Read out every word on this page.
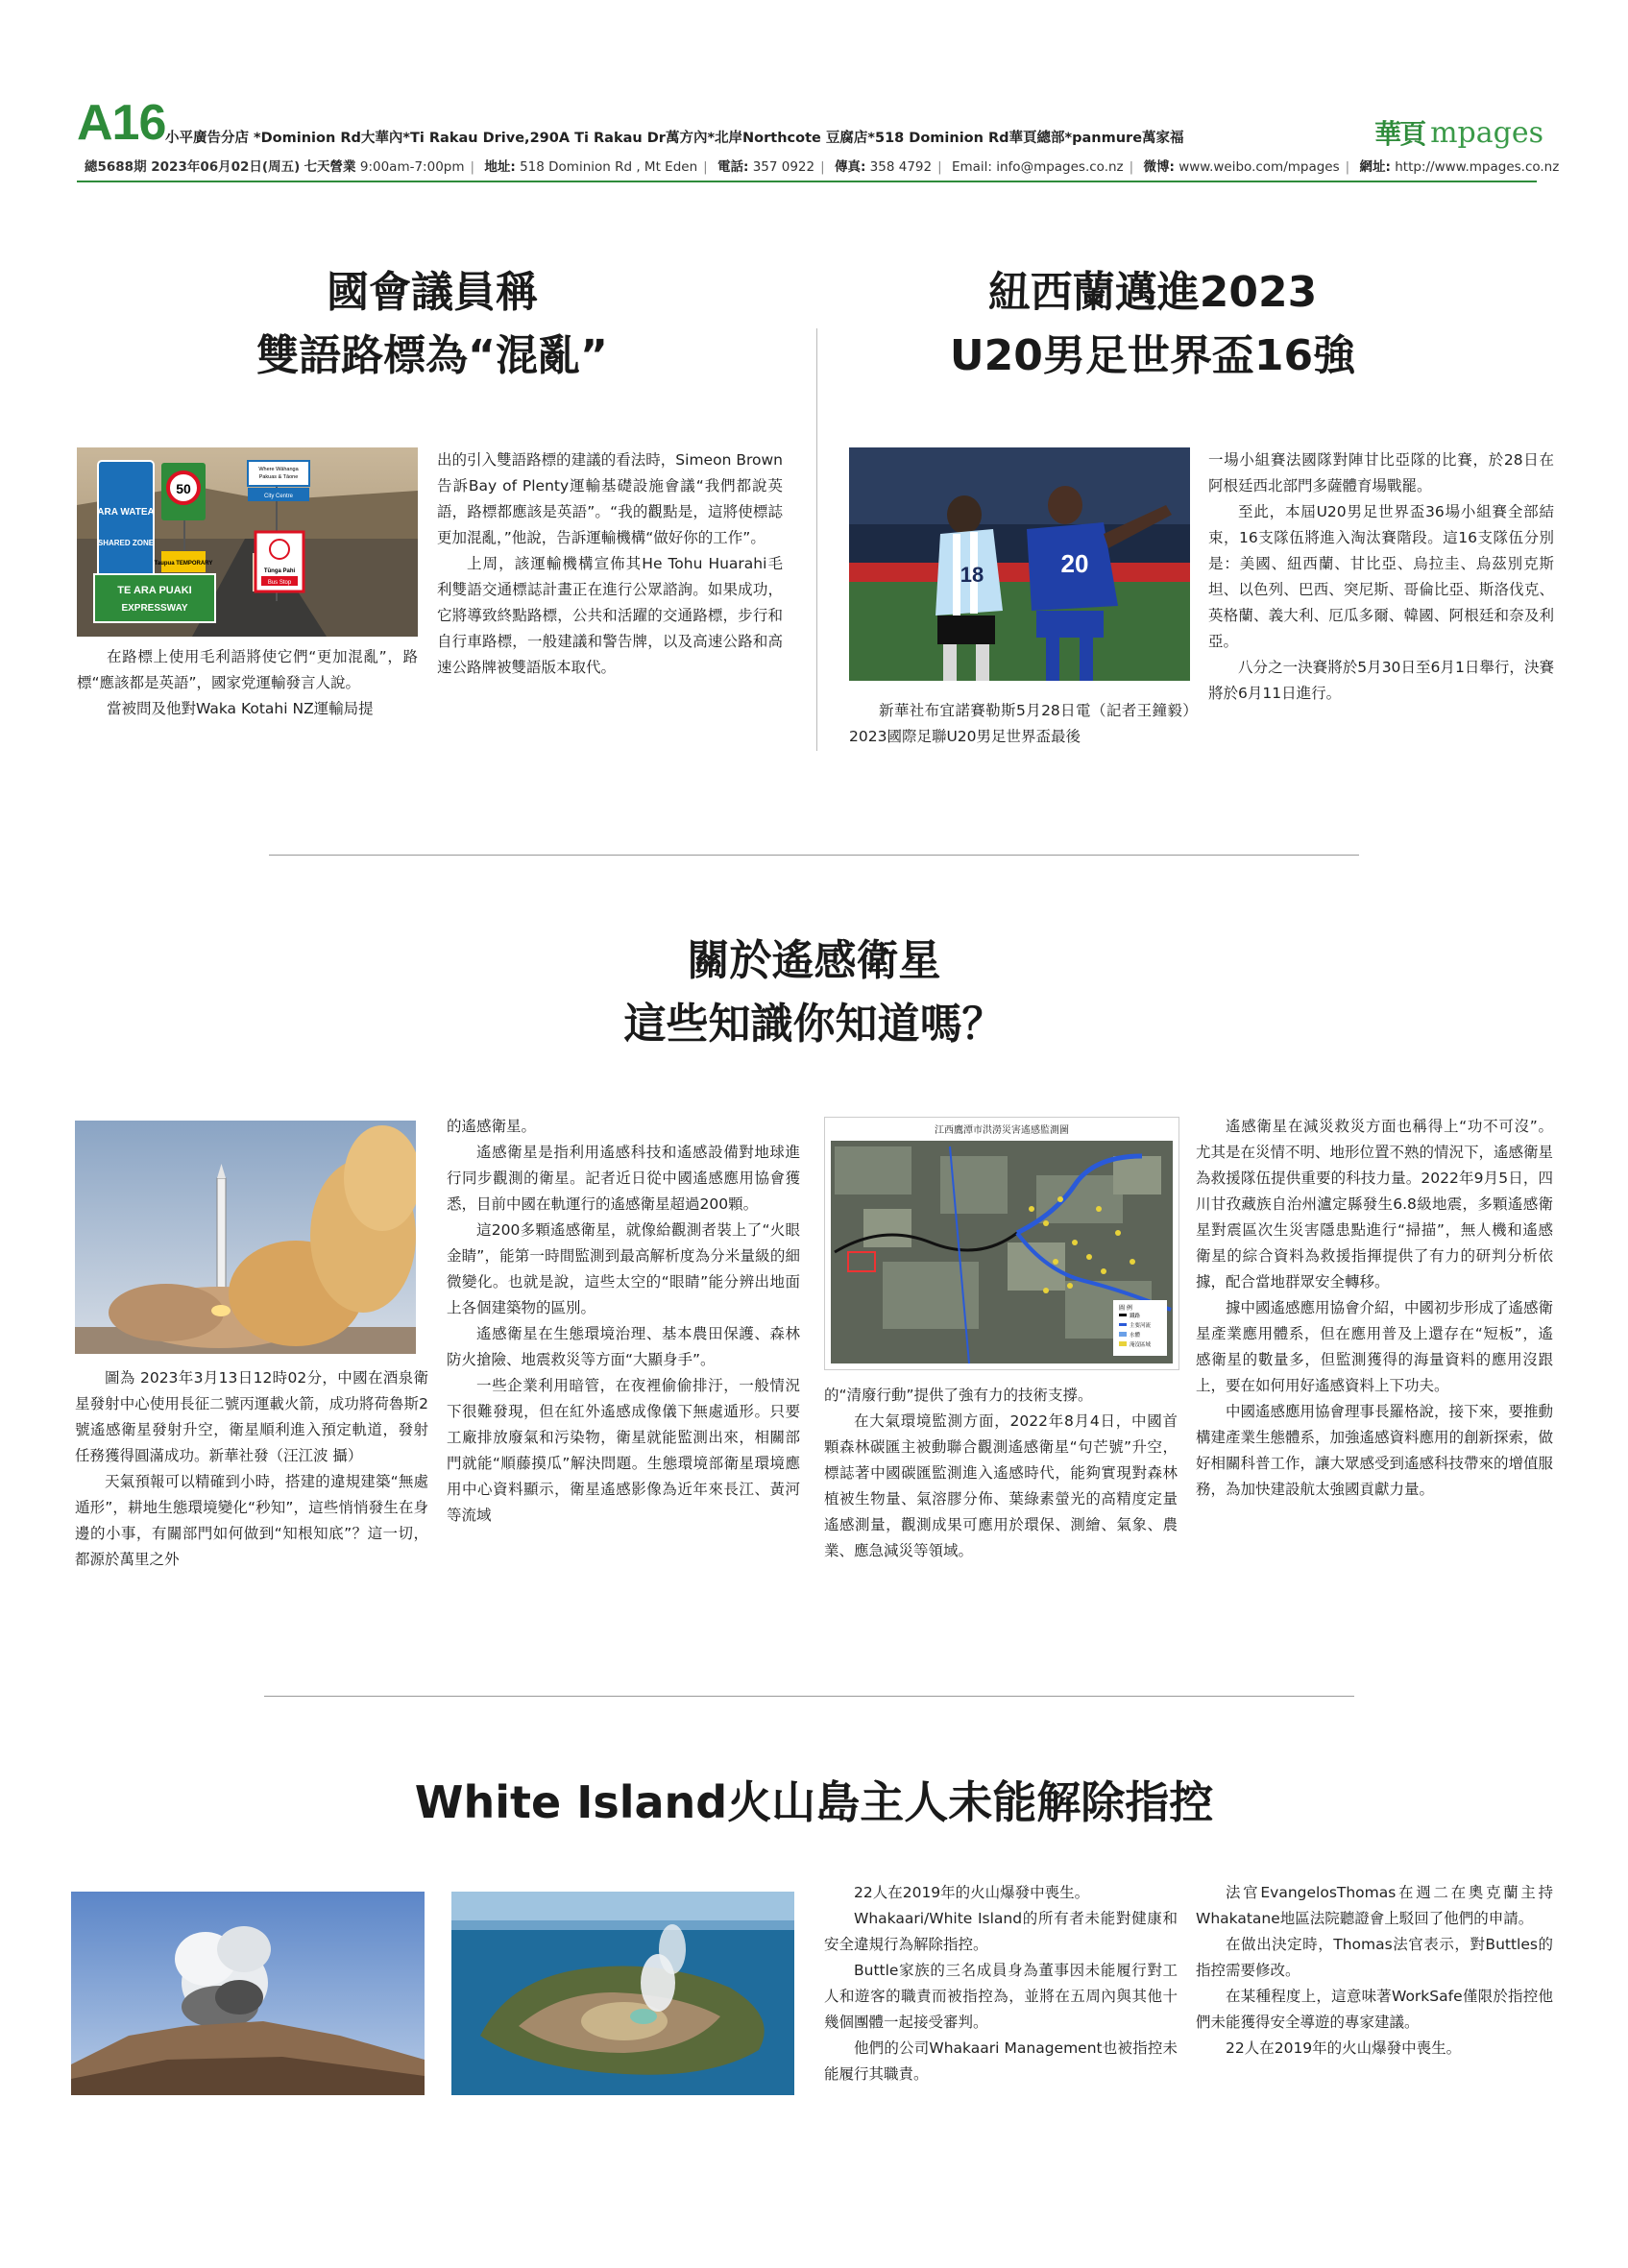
A16 小平廣告分店 *Dominion Rd大華內*Ti Rakau Drive,290A Ti Rakau Dr萬方內*北岸Northcote 豆腐店*518 Dominion Rd華頁總部*panmure萬家福
總5688期 2023年06月02日(周五) 七天營業 9:00am-7:00pm | 地址: 518 Dominion Rd , Mt Eden | 電話: 357 0922 | 傳真: 358 4792 | Email: info@mpages.co.nz | 微博: www.weibo.com/mpages | 網址: http://www.mpages.co.nz
華頁 mpages
國會議員稱
雙語路標為“混亂”
ARA WATEA
SHARED ZONE
50
Taupua TEMPORARY
Where Wāhanga
Pakuas & Tāone
City Centre
Tūnga Pahi
Bus Stop
TE ARA PUAKI
EXPRESSWAY

在路標上使用毛利語將使它們“更加混亂”，路標“應該都是英語”，國家党運輸發言人說。

當被問及他對Waka Kotahi NZ運輸局提

出的引入雙語路標的建議的看法時，Simeon Brown告訴Bay of Plenty運輸基礎設施會議“我們都說英語，路標都應該是英語”。“我的觀點是，這將使標誌更加混亂，”他說，告訴運輸機構“做好你的工作”。

上周，該運輸機構宣佈其He Tohu Huarahi毛利雙語交通標誌計畫正在進行公眾諮詢。如果成功，它將導致終點路標，公共和活躍的交通路標，步行和自行車路標，一般建議和警告牌，以及高速公路和高速公路牌被雙語版本取代。

紐西蘭邁進2023
U20男足世界盃16強
18	20

新華社布宜諾賽勒斯5月28日電（記者王鐘毅）2023國際足聯U20男足世界盃最後

一場小組賽法國隊對陣甘比亞隊的比賽，於28日在阿根廷西北部門多薩體育場戰罷。

至此，本屆U20男足世界盃36場小組賽全部結束，16支隊伍將進入淘汰賽階段。這16支隊伍分別是：美國、紐西蘭、甘比亞、烏拉圭、烏茲別克斯坦、以色列、巴西、突尼斯、哥倫比亞、斯洛伐克、英格蘭、義大利、厄瓜多爾、韓國、阿根廷和奈及利亞。

八分之一決賽將於5月30日至6月1日舉行，決賽將於6月11日進行。

關於遙感衛星
這些知識你知道嗎？

圖為 2023年3月13日12時02分，中國在酒泉衛星發射中心使用長征二號丙運載火箭，成功將荷魯斯2號遙感衛星發射升空，衛星順利進入預定軌道，發射任務獲得圓滿成功。新華社發（汪江波 攝）

天氣預報可以精確到小時，搭建的違規建築“無處遁形”，耕地生態環境變化“秒知”，這些悄悄發生在身邊的小事，有關部門如何做到“知根知底”？這一切，都源於萬里之外

的遙感衛星。

遙感衛星是指利用遙感科技和遙感設備對地球進行同步觀測的衛星。記者近日從中國遙感應用協會獲悉，目前中國在軌運行的遙感衛星超過200顆。

這200多顆遙感衛星，就像給觀測者裝上了“火眼金睛”，能第一時間監測到最高解析度為分米量級的細微變化。也就是說，這些太空的“眼睛”能分辨出地面上各個建築物的區別。

遙感衛星在生態環境治理、基本農田保護、森林防火搶險、地震救災等方面“大顯身手”。

一些企業利用暗管，在夜裡偷偷排汙，一般情況下很難發現，但在紅外遙感成像儀下無處遁形。只要工廠排放廢氣和污染物，衛星就能監測出來，相關部門就能“順藤摸瓜”解決問題。生態環境部衛星環境應用中心資料顯示，衛星遙感影像為近年來長江、黃河等流域

江西鷹潭市洪澇災害遙感監測圖
圖 例
鐵路
主要河流
水體
淹沒區域

的“清廢行動”提供了強有力的技術支撐。

在大氣環境監測方面，2022年8月4日，中國首顆森林碳匯主被動聯合觀測遙感衛星“句芒號”升空，標誌著中國碳匯監測進入遙感時代，能夠實現對森林植被生物量、氣溶膠分佈、葉綠素螢光的高精度定量遙感測量，觀測成果可應用於環保、測繪、氣象、農業、應急減災等領域。

遙感衛星在減災救災方面也稱得上“功不可沒”。尤其是在災情不明、地形位置不熟的情況下，遙感衛星為救援隊伍提供重要的科技力量。2022年9月5日，四川甘孜藏族自治州瀘定縣發生6.8級地震，多顆遙感衛星對震區次生災害隱患點進行“掃描”，無人機和遙感衛星的綜合資料為救援指揮提供了有力的研判分析依據，配合當地群眾安全轉移。

據中國遙感應用協會介紹，中國初步形成了遙感衛星產業應用體系，但在應用普及上還存在“短板”，遙感衛星的數量多，但監測獲得的海量資料的應用沒跟上，要在如何用好遙感資料上下功夫。

中國遙感應用協會理事長羅格說，接下來，要推動構建產業生態體系，加強遙感資料應用的創新探索，做好相關科普工作，讓大眾感受到遙感科技帶來的增值服務，為加快建設航太強國貢獻力量。

White Island火山島主人未能解除指控

22人在2019年的火山爆發中喪生。

Whakaari/White Island的所有者未能對健康和安全違規行為解除指控。

Buttle家族的三名成員身為董事因未能履行對工人和遊客的職責而被指控為，並將在五周內與其他十幾個團體一起接受審判。

他們的公司Whakaari Management也被指控未能履行其職責。

法官EvangelosThomas在週二在奧克蘭主持Whakatane地區法院聽證會上駁回了他們的申請。

在做出決定時，Thomas法官表示，對Buttles的指控需要修改。

在某種程度上，這意味著WorkSafe僅限於指控他們未能獲得安全導遊的專家建議。

22人在2019年的火山爆發中喪生。
